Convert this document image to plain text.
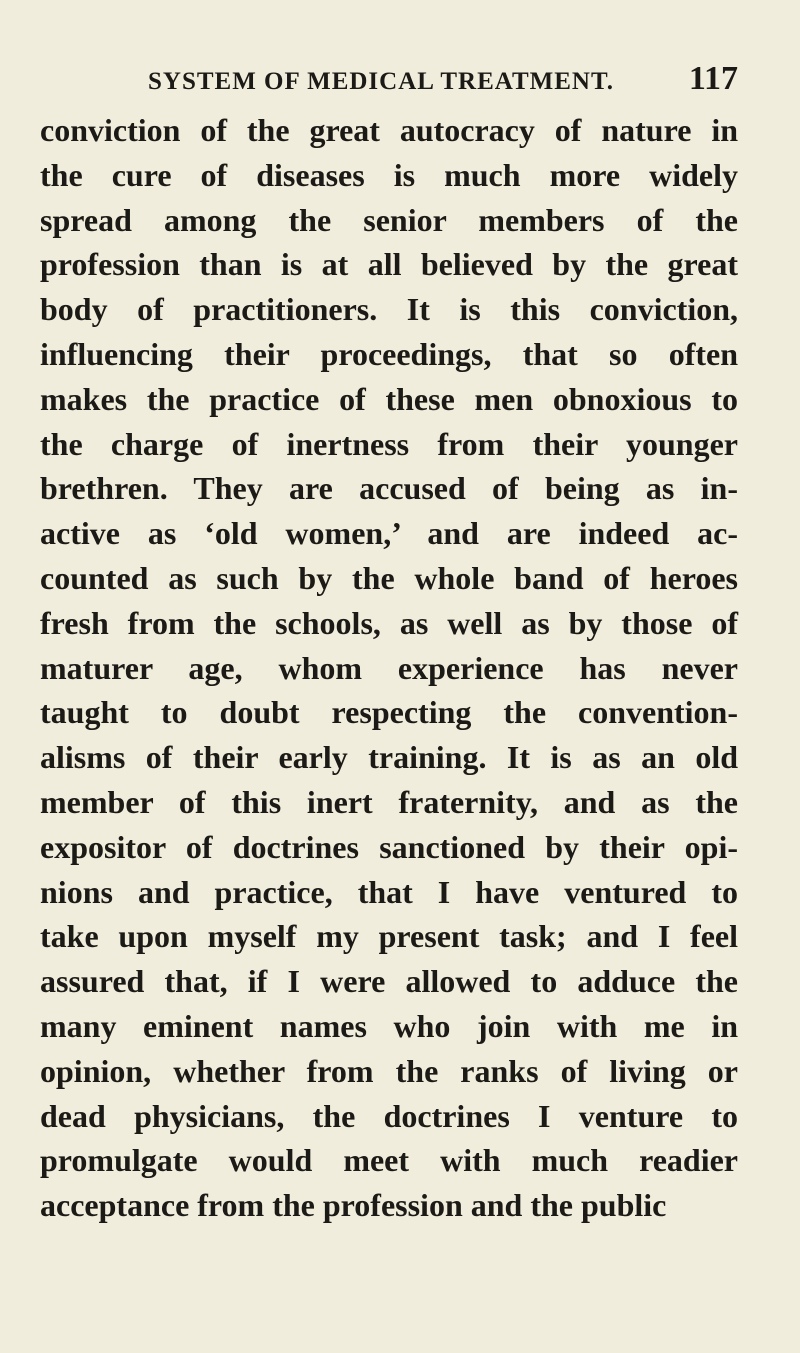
SYSTEM OF MEDICAL TREATMENT. 117
conviction of the great autocracy of nature in
the cure of diseases is much more widely
spread among the senior members of the
profession than is at all believed by the great
body of practitioners. It is this conviction,
influencing their proceedings, that so often
makes the practice of these men obnoxious to
the charge of inertness from their younger
brethren. They are accused of being as in-
active as ‘old women,’ and are indeed ac-
counted as such by the whole band of heroes
fresh from the schools, as well as by those of
maturer age, whom experience has never
taught to doubt respecting the convention-
alisms of their early training. It is as an old
member of this inert fraternity, and as the
expositor of doctrines sanctioned by their opi-
nions and practice, that I have ventured to
take upon myself my present task; and I feel
assured that, if I were allowed to adduce the
many eminent names who join with me in
opinion, whether from the ranks of living or
dead physicians, the doctrines I venture to
promulgate would meet with much readier
acceptance from the profession and the public
